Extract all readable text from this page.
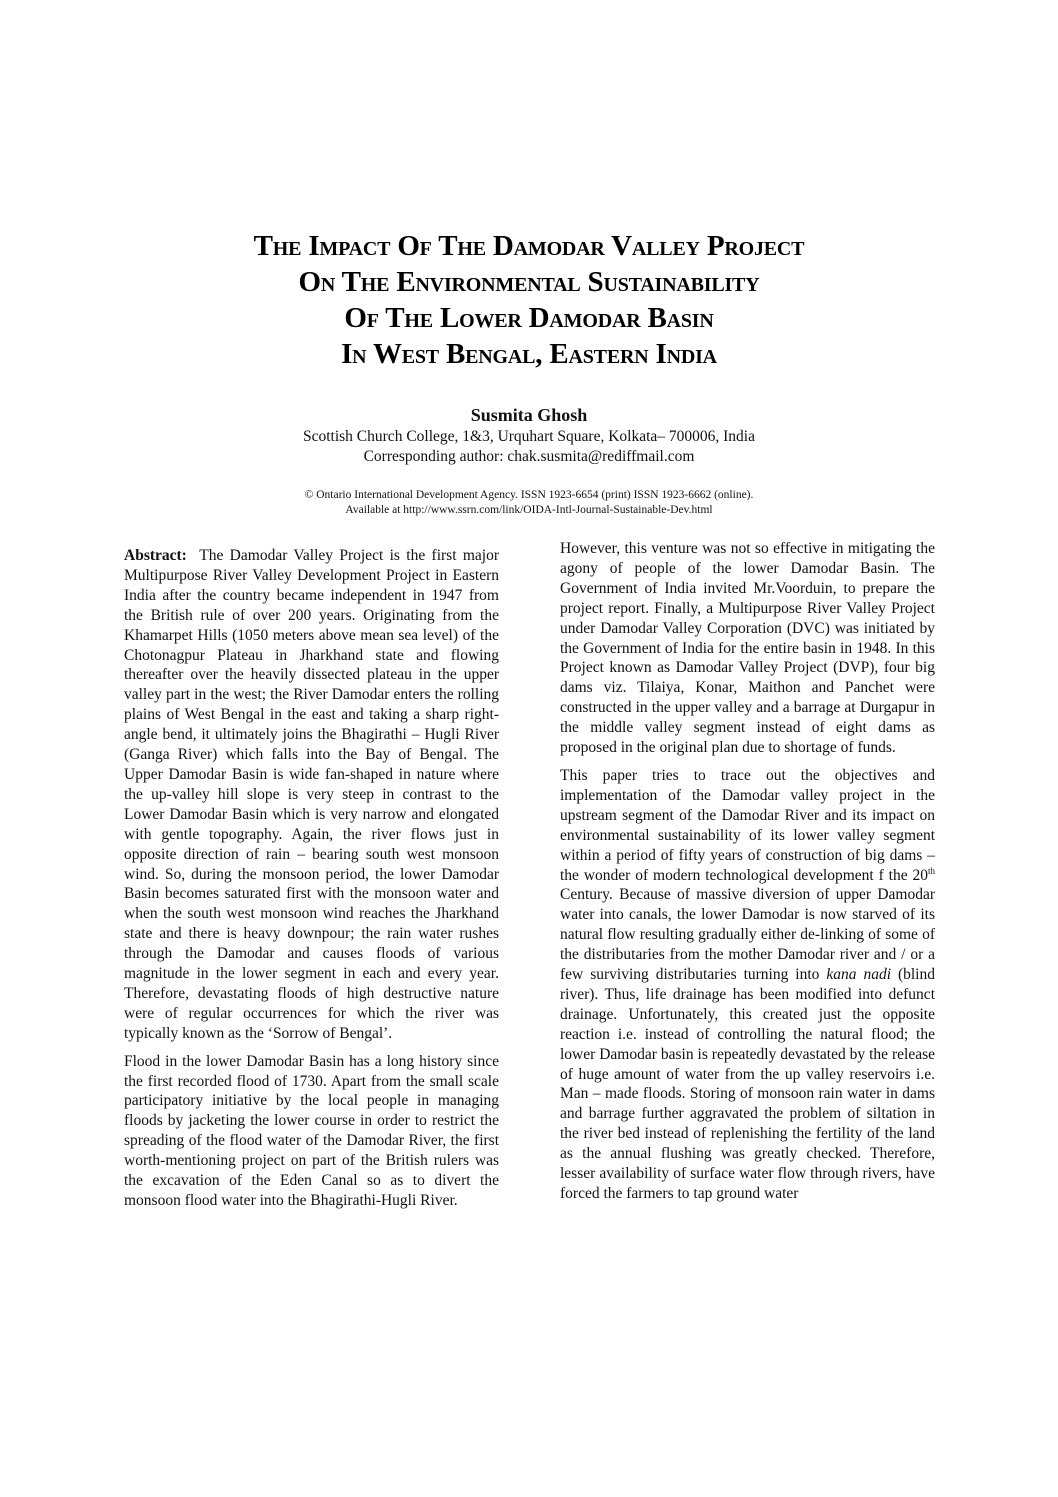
The Impact Of The Damodar Valley Project
On The Environmental Sustainability
Of The Lower Damodar Basin
In West Bengal, Eastern India
Susmita Ghosh
Scottish Church College, 1&3, Urquhart Square, Kolkata– 700006, India
Corresponding author: chak.susmita@rediffmail.com
© Ontario International Development Agency. ISSN 1923-6654 (print) ISSN 1923-6662 (online).
Available at http://www.ssrn.com/link/OIDA-Intl-Journal-Sustainable-Dev.html

Abstract: The Damodar Valley Project is the first major Multipurpose River Valley Development Project in Eastern India after the country became independent in 1947 from the British rule of over 200 years. Originating from the Khamarpet Hills (1050 meters above mean sea level) of the Chotonagpur Plateau in Jharkhand state and flowing thereafter over the heavily dissected plateau in the upper valley part in the west; the River Damodar enters the rolling plains of West Bengal in the east and taking a sharp right-angle bend, it ultimately joins the Bhagirathi – Hugli River (Ganga River) which falls into the Bay of Bengal. The Upper Damodar Basin is wide fan-shaped in nature where the up-valley hill slope is very steep in contrast to the Lower Damodar Basin which is very narrow and elongated with gentle topography. Again, the river flows just in opposite direction of rain – bearing south west monsoon wind. So, during the monsoon period, the lower Damodar Basin becomes saturated first with the monsoon water and when the south west monsoon wind reaches the Jharkhand state and there is heavy downpour; the rain water rushes through the Damodar and causes floods of various magnitude in the lower segment in each and every year. Therefore, devastating floods of high destructive nature were of regular occurrences for which the river was typically known as the ‘Sorrow of Bengal’.

Flood in the lower Damodar Basin has a long history since the first recorded flood of 1730. Apart from the small scale participatory initiative by the local people in managing floods by jacketing the lower course in order to restrict the spreading of the flood water of the Damodar River, the first worth-mentioning project on part of the British rulers was the excavation of the Eden Canal so as to divert the monsoon flood water into the Bhagirathi-Hugli River.

However, this venture was not so effective in mitigating the agony of people of the lower Damodar Basin. The Government of India invited Mr.Voorduin, to prepare the project report. Finally, a Multipurpose River Valley Project under Damodar Valley Corporation (DVC) was initiated by the Government of India for the entire basin in 1948. In this Project known as Damodar Valley Project (DVP), four big dams viz. Tilaiya, Konar, Maithon and Panchet were constructed in the upper valley and a barrage at Durgapur in the middle valley segment instead of eight dams as proposed in the original plan due to shortage of funds.

This paper tries to trace out the objectives and implementation of the Damodar valley project in the upstream segment of the Damodar River and its impact on environmental sustainability of its lower valley segment within a period of fifty years of construction of big dams – the wonder of modern technological development f the 20th Century. Because of massive diversion of upper Damodar water into canals, the lower Damodar is now starved of its natural flow resulting gradually either de-linking of some of the distributaries from the mother Damodar river and / or a few surviving distributaries turning into kana nadi (blind river). Thus, life drainage has been modified into defunct drainage. Unfortunately, this created just the opposite reaction i.e. instead of controlling the natural flood; the lower Damodar basin is repeatedly devastated by the release of huge amount of water from the up valley reservoirs i.e. Man – made floods. Storing of monsoon rain water in dams and barrage further aggravated the problem of siltation in the river bed instead of replenishing the fertility of the land as the annual flushing was greatly checked. Therefore, lesser availability of surface water flow through rivers, have forced the farmers to tap ground water
